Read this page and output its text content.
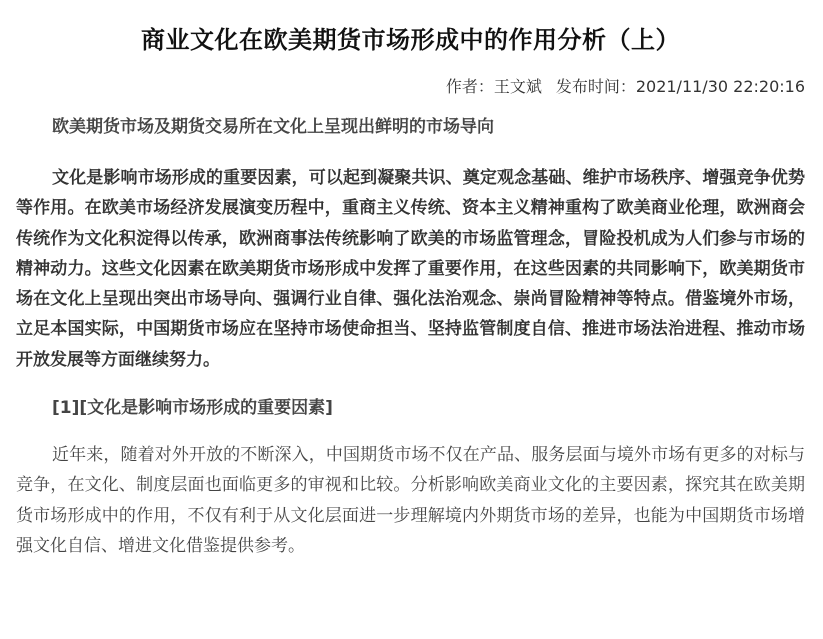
商业文化在欧美期货市场形成中的作用分析（上）
作者：王文斌 发布时间：2021/11/30 22:20:16
欧美期货市场及期货交易所在文化上呈现出鲜明的市场导向

文化是影响市场形成的重要因素，可以起到凝聚共识、奠定观念基础、维护市场秩序、增强竞争优势等作用。在欧美市场经济发展演变历程中，重商主义传统、资本主义精神重构了欧美商业伦理，欧洲商会传统作为文化积淀得以传承，欧洲商事法传统影响了欧美的市场监管理念，冒险投机成为人们参与市场的精神动力。这些文化因素在欧美期货市场形成中发挥了重要作用，在这些因素的共同影响下，欧美期货市场在文化上呈现出突出市场导向、强调行业自律、强化法治观念、崇尚冒险精神等特点。借鉴境外市场，立足本国实际，中国期货市场应在坚持市场使命担当、坚持监管制度自信、推进市场法治进程、推动市场开放发展等方面继续努力。

[1][文化是影响市场形成的重要因素]

近年来，随着对外开放的不断深入，中国期货市场不仅在产品、服务层面与境外市场有更多的对标与竞争，在文化、制度层面也面临更多的审视和比较。分析影响欧美商业文化的主要因素，探究其在欧美期货市场形成中的作用，不仅有利于从文化层面进一步理解境内外期货市场的差异，也能为中国期货市场增强文化自信、增进文化借鉴提供参考。
